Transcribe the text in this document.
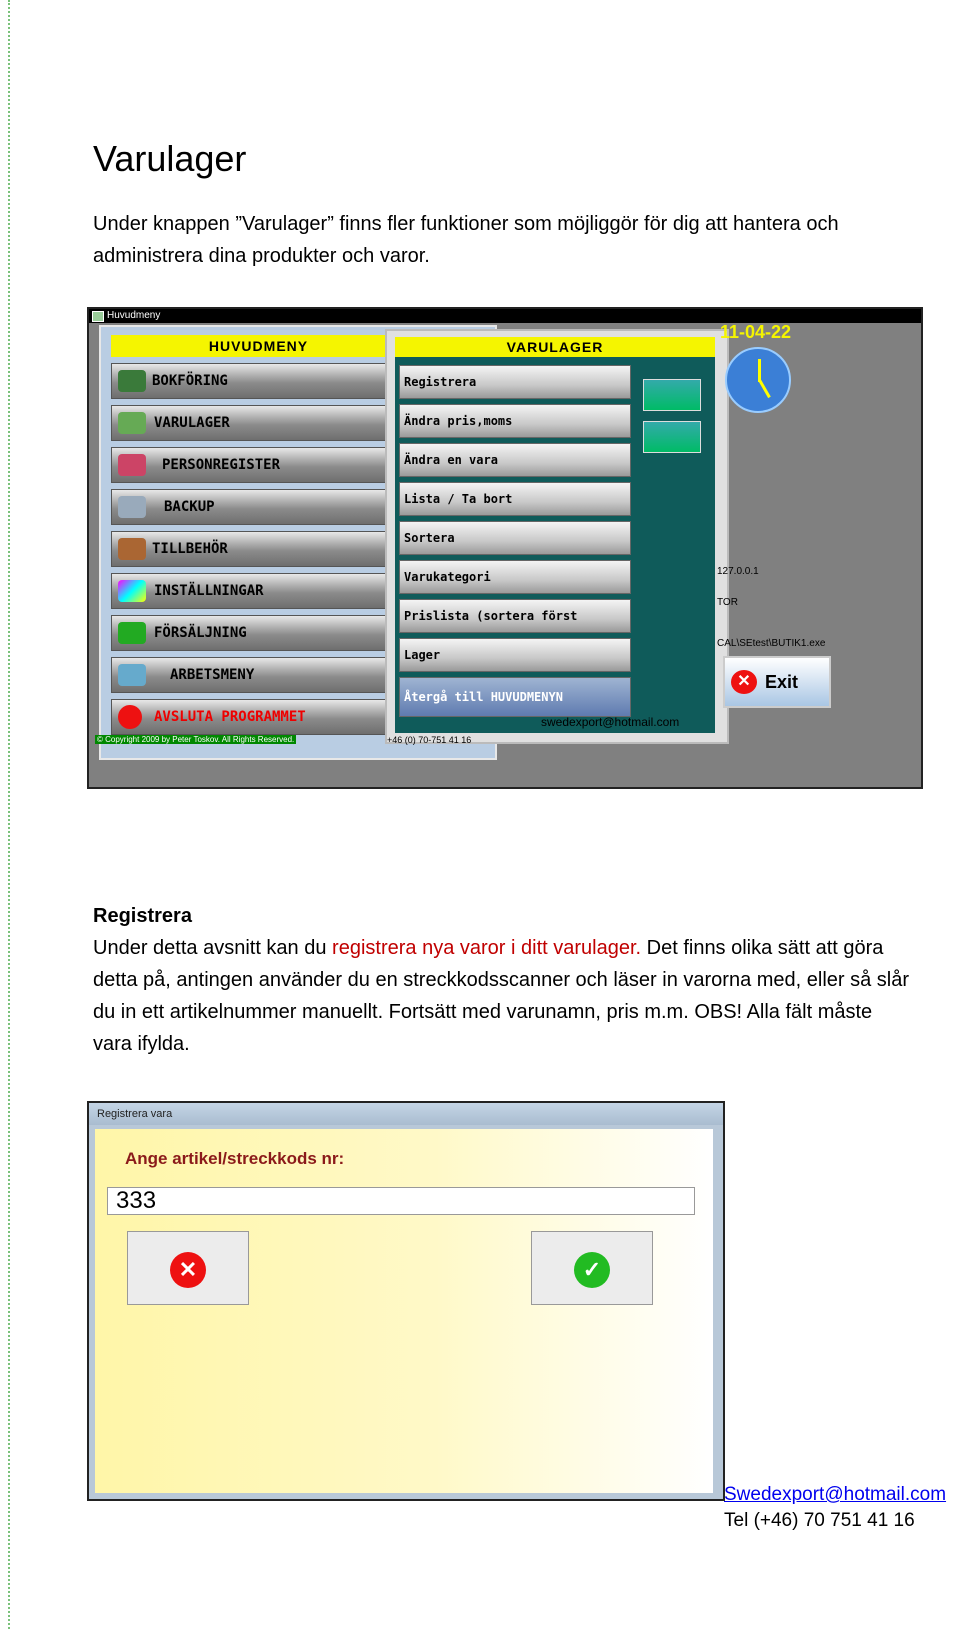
Varulager
Under knappen ”Varulager” finns fler funktioner som möjliggör för dig att hantera och administrera dina produkter och varor.
Huvudmeny
HUVUDMENY
BOKFÖRING
VARULAGER
PERSONREGISTER
BACKUP
TILLBEHÖR
INSTÄLLNINGAR
FÖRSÄLJNING
ARBETSMENY
AVSLUTA PROGRAMMET
VARULAGER
Registrera
Ändra pris,moms
Ändra en vara
Lista / Ta bort
Sortera
Varukategori
Prislista (sortera först
Lager
Återgå till HUVUDMENYN
11-04-22
127.0.0.1
TOR
CAL\SEtest\BUTIK1.exe
swedexport@hotmail.com
✕ Exit
© Copyright 2009 by Peter Toskov. All Rights Reserved.	+46 (0) 70-751 41 16
Registrera
Under detta avsnitt kan du registrera nya varor i ditt varulager. Det finns olika sätt att göra
detta på, antingen använder du en streckkodsscanner och läser in varorna med, eller så slår
du in ett artikelnummer manuellt. Fortsätt med varunamn, pris m.m. OBS! Alla fält måste
vara ifylda.
Registrera vara
Ange artikel/streckkods nr:
333
✕	✓
Swedexport@hotmail.com
Tel (+46) 70 751 41 16
